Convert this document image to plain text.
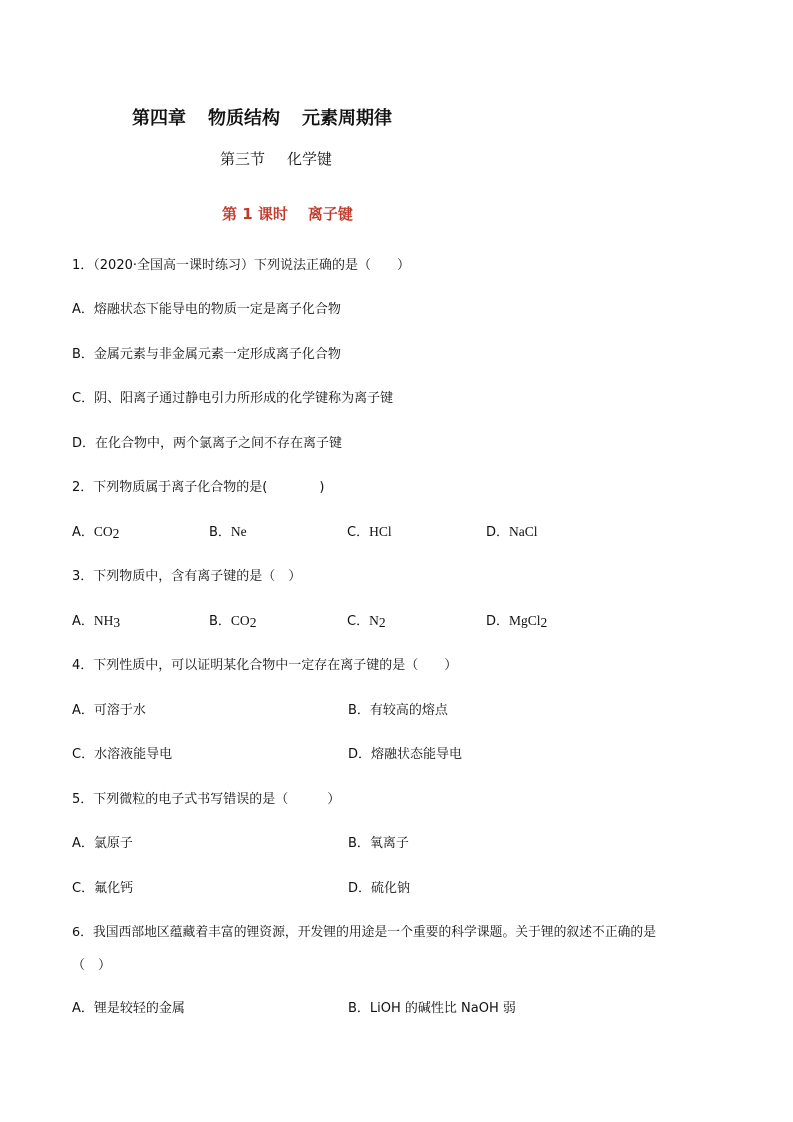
第四章 物质结构 元素周期律
第三节 化学键
第 1 课时 离子键
1．（2020·全国高一课时练习）下列说法正确的是（　　）
A．熔融状态下能导电的物质一定是离子化合物
B．金属元素与非金属元素一定形成离子化合物
C．阴、阳离子通过静电引力所形成的化学键称为离子键
D．在化合物中，两个氯离子之间不存在离子键
2．下列物质属于离子化合物的是(　　　　)
A．$CO_2$	B．Ne	C．HCl	D．NaCl
3．下列物质中，含有离子键的是（　）
A．$NH_3$	B．$CO_2$	C．$N_2$	D．MgCl$_2$
4．下列性质中，可以证明某化合物中一定存在离子键的是（　　）
A．可溶于水	B．有较高的熔点
C．水溶液能导电	D．熔融状态能导电
5．下列微粒的电子式书写错误的是（　　　）
A．氯原子	B．氧离子
C．氟化钙	D．硫化钠
6．我国西部地区蕴藏着丰富的锂资源，开发锂的用途是一个重要的科学课题。关于锂的叙述不正确的是
（　）
A．锂是较轻的金属	B．LiOH 的碱性比 NaOH 弱
